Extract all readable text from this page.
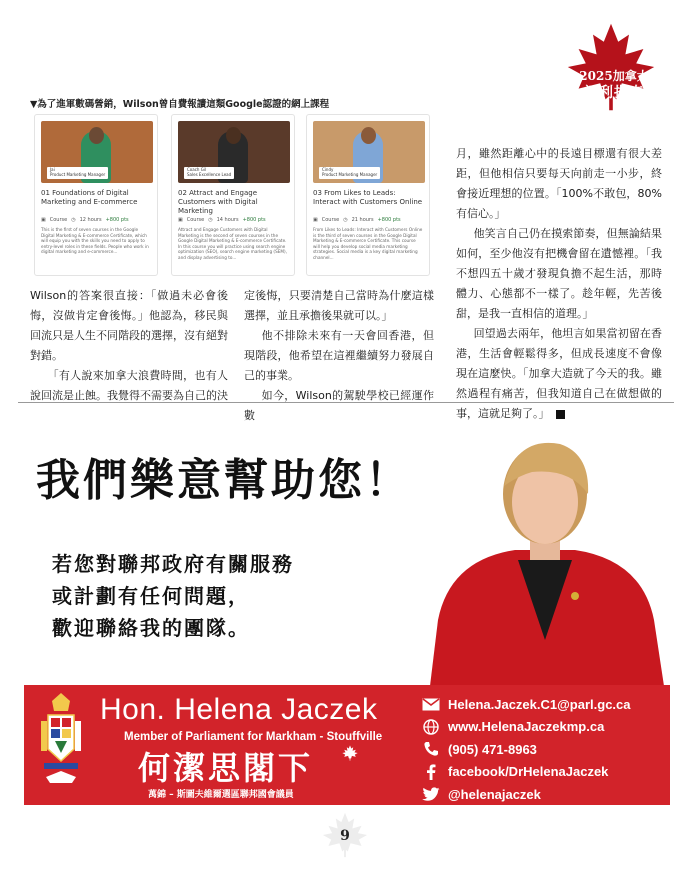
2025加拿大
福利指南
▼為了進軍數碼營銷，Wilson曾自費報讀這類Google認證的網上課程
Jai
Product Marketing Manager
01 Foundations of Digital Marketing and E-commerce
▣ Course ◷ 12 hours +800 pts
This is the first of seven courses in the Google Digital Marketing & E-commerce Certificate, which will equip you with the skills you need to apply to entry-level roles in these fields. People who work in digital marketing and e-commerce...
Coach Gil
Sales Excellence Lead
02 Attract and Engage Customers with Digital Marketing
▣ Course ◷ 14 hours +800 pts
Attract and Engage Customers with Digital Marketing is the second of seven courses in the Google Digital Marketing & E-commerce Certificate. In this course you will practice using search engine optimization (SEO), search engine marketing (SEM), and display advertising to...
Cindy
Product Marketing Manager
03 From Likes to Leads: Interact with Customers Online
▣ Course ◷ 21 hours +800 pts
From Likes to Leads: Interact with Customers Online is the third of seven courses in the Google Digital Marketing & E-commerce Certificate. This course will help you develop social media marketing strategies. Social media is a key digital marketing channel...

Wilson的答案很直接：「做過未必會後悔，沒做肯定會後悔。」他認為，移民與回流只是人生不同階段的選擇，沒有絕對對錯。

「有人說來加拿大浪費時間，也有人說回流是止蝕。我覺得不需要為自己的決

定後悔，只要清楚自己當時為什麼這樣選擇，並且承擔後果就可以。」

他不排除未來有一天會回香港，但現階段，他希望在這裡繼續努力發展自己的事業。

如今，Wilson的駕駛學校已經運作數

月，雖然距離心中的長遠目標還有很大差距，但他相信只要每天向前走一小步，終會接近理想的位置。「100%不敢包，80%有信心。」

他笑言自己仍在摸索節奏，但無論結果如何，至少他沒有把機會留在遺憾裡。「我不想四五十歲才發現負擔不起生活，那時體力、心態都不一樣了。趁年輕，先苦後甜，是我一直相信的道理。」

回望過去兩年，他坦言如果當初留在香港，生活會輕鬆得多，但成長速度不會像現在這麼快。「加拿大造就了今天的我。雖然過程有痛苦，但我知道自己在做想做的事，這就足夠了。」

我們樂意幫助您！
若您對聯邦政府有關服務
或計劃有任何問題，
歡迎聯絡我的團隊。
Hon. Helena Jaczek
Member of Parliament for Markham - Stouffville
何潔思閣下
萬錦 – 斯圖夫維爾選區聯邦國會議員
Helena.Jaczek.C1@parl.gc.ca
www.HelenaJaczekmp.ca
(905) 471-8963
facebook/DrHelenaJaczek
@helenajaczek
9
